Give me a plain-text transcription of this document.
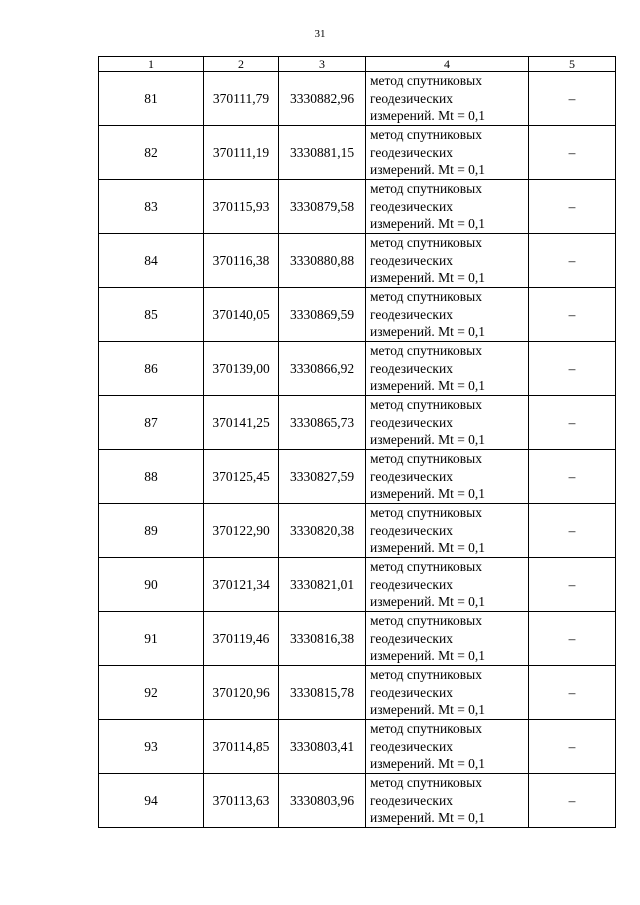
31
1	2	3	4	5
81	370111,79	3330882,96	метод спутниковых
геодезических
измерений. Mt = 0,1	–
82	370111,19	3330881,15	метод спутниковых
геодезических
измерений. Mt = 0,1	–
83	370115,93	3330879,58	метод спутниковых
геодезических
измерений. Mt = 0,1	–
84	370116,38	3330880,88	метод спутниковых
геодезических
измерений. Mt = 0,1	–
85	370140,05	3330869,59	метод спутниковых
геодезических
измерений. Mt = 0,1	–
86	370139,00	3330866,92	метод спутниковых
геодезических
измерений. Mt = 0,1	–
87	370141,25	3330865,73	метод спутниковых
геодезических
измерений. Mt = 0,1	–
88	370125,45	3330827,59	метод спутниковых
геодезических
измерений. Mt = 0,1	–
89	370122,90	3330820,38	метод спутниковых
геодезических
измерений. Mt = 0,1	–
90	370121,34	3330821,01	метод спутниковых
геодезических
измерений. Mt = 0,1	–
91	370119,46	3330816,38	метод спутниковых
геодезических
измерений. Mt = 0,1	–
92	370120,96	3330815,78	метод спутниковых
геодезических
измерений. Mt = 0,1	–
93	370114,85	3330803,41	метод спутниковых
геодезических
измерений. Mt = 0,1	–
94	370113,63	3330803,96	метод спутниковых
геодезических
измерений. Mt = 0,1	–
